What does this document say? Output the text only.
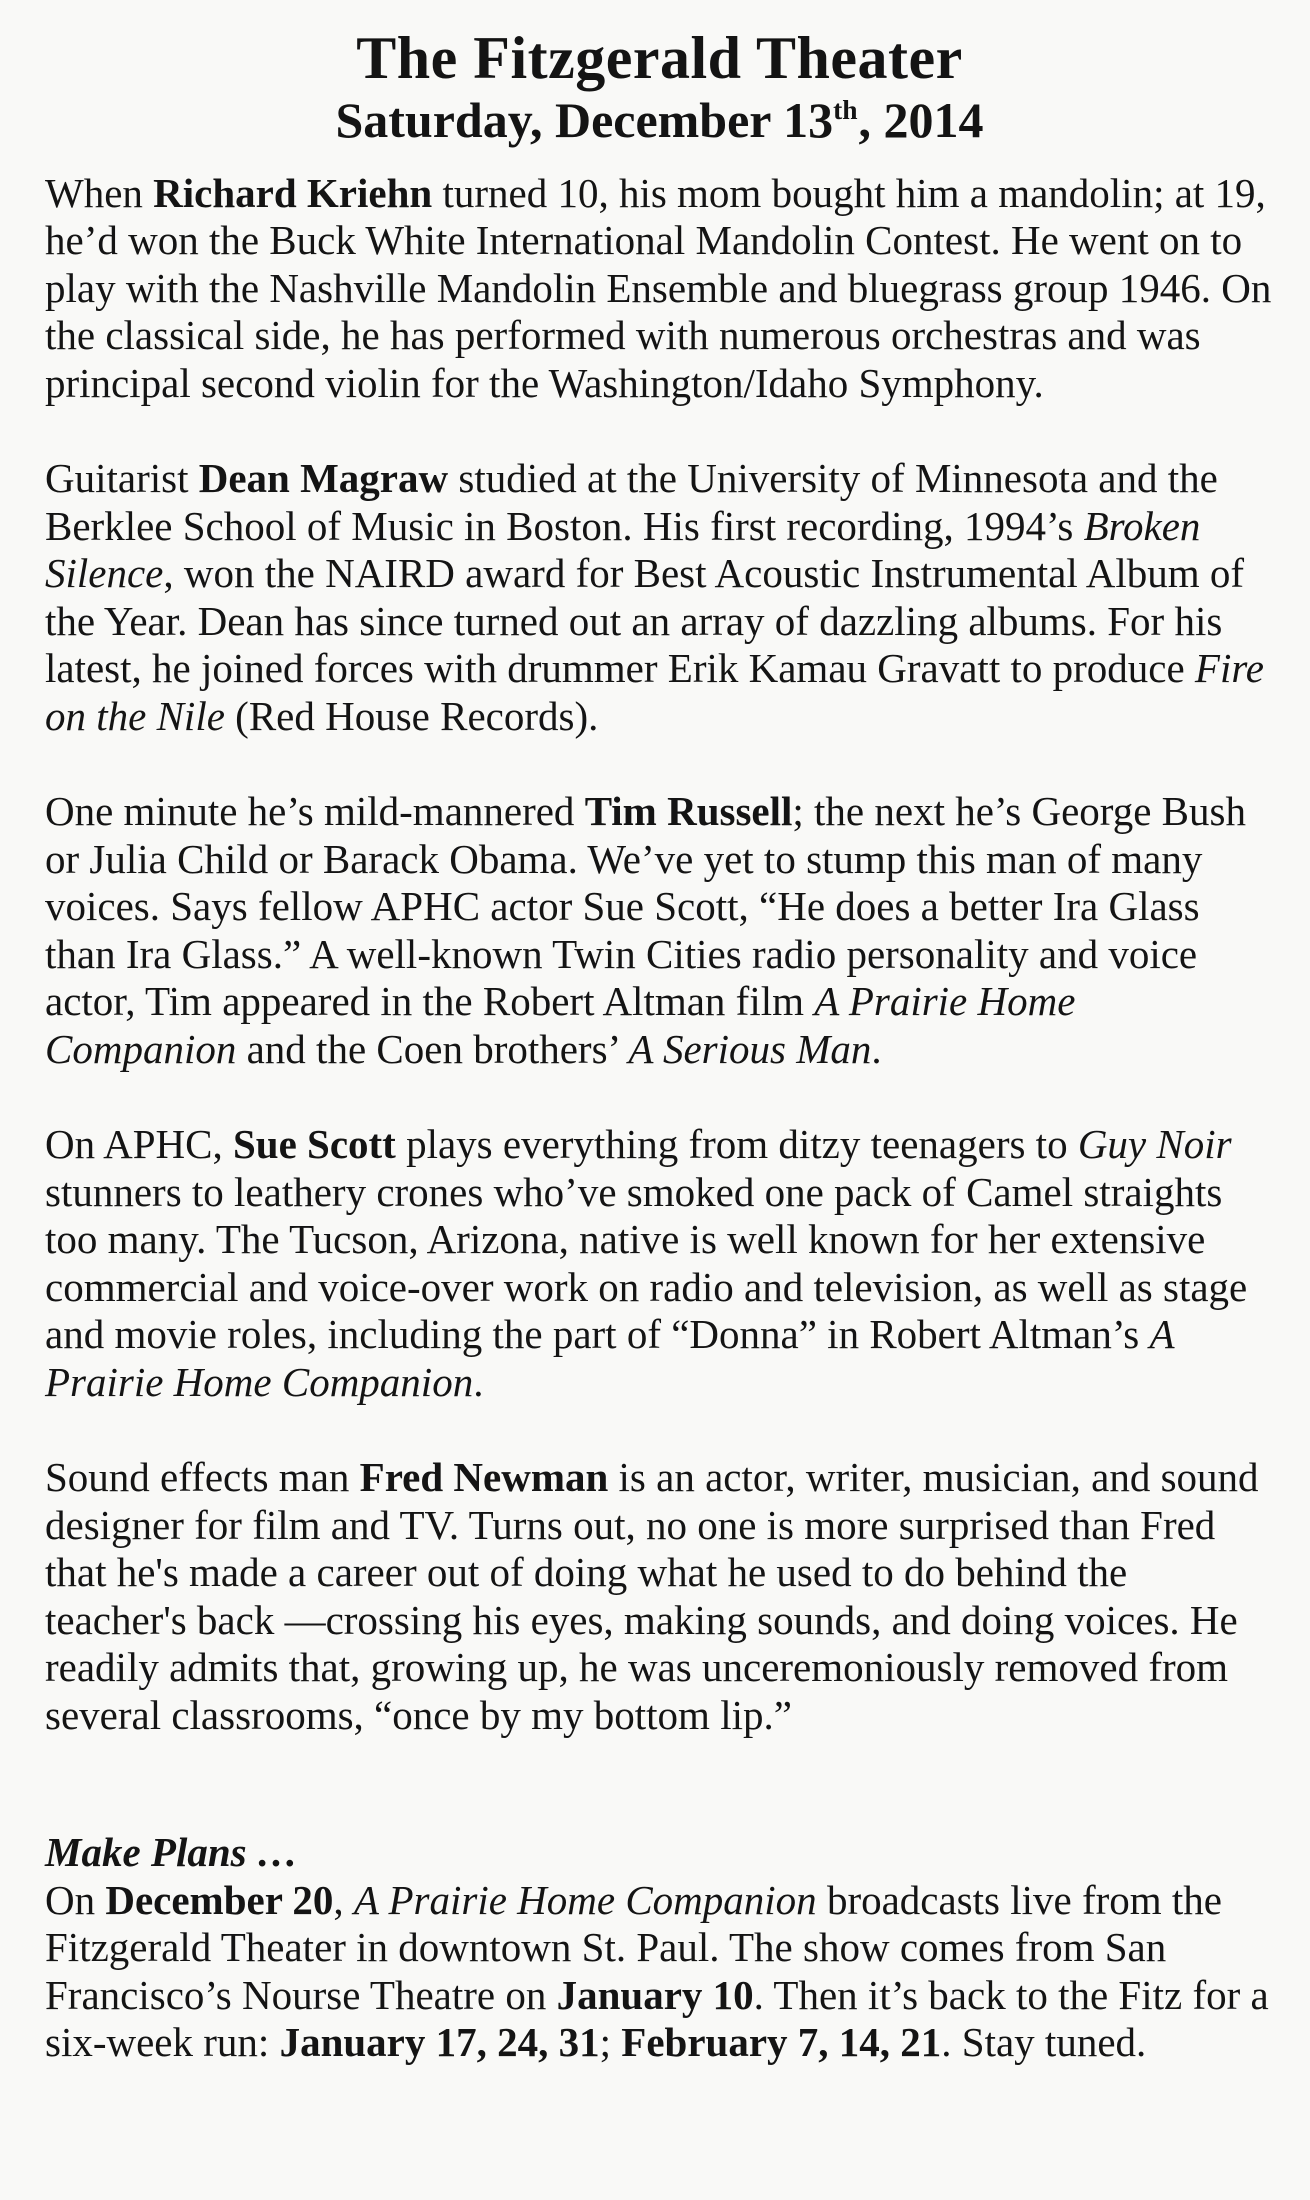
The Fitzgerald Theater
Saturday, December 13th, 2014

When Richard Kriehn turned 10, his mom bought him a mandolin; at 19, he’d won the Buck White International Mandolin Contest. He went on to play with the Nashville Mandolin Ensemble and bluegrass group 1946. On the classical side, he has performed with numerous orchestras and was principal second violin for the Washington/Idaho Symphony.

Guitarist Dean Magraw studied at the University of Minnesota and the Berklee School of Music in Boston. His first recording, 1994’s Broken Silence, won the NAIRD award for Best Acoustic Instrumental Album of the Year. Dean has since turned out an array of dazzling albums. For his latest, he joined forces with drummer Erik Kamau Gravatt to produce Fire on the Nile (Red House Records).

One minute he’s mild-mannered Tim Russell; the next he’s George Bush or Julia Child or Barack Obama. We’ve yet to stump this man of many voices. Says fellow APHC actor Sue Scott, “He does a better Ira Glass than Ira Glass.” A well-known Twin Cities radio personality and voice actor, Tim appeared in the Robert Altman film A Prairie Home Companion and the Coen brothers’ A Serious Man.

On APHC, Sue Scott plays everything from ditzy teenagers to Guy Noir stunners to leathery crones who’ve smoked one pack of Camel straights too many. The Tucson, Arizona, native is well known for her extensive commercial and voice-over work on radio and television, as well as stage and movie roles, including the part of “Donna” in Robert Altman’s A Prairie Home Companion.

Sound effects man Fred Newman is an actor, writer, musician, and sound designer for film and TV. Turns out, no one is more surprised than Fred that he's made a career out of doing what he used to do behind the teacher's back —crossing his eyes, making sounds, and doing voices. He readily admits that, growing up, he was unceremoniously removed from several classrooms, “once by my bottom lip.”

Make Plans …

On December 20, A Prairie Home Companion broadcasts live from the Fitzgerald Theater in downtown St. Paul. The show comes from San Francisco’s Nourse Theatre on January 10. Then it’s back to the Fitz for a six-week run: January 17, 24, 31; February 7, 14, 21. Stay tuned.
